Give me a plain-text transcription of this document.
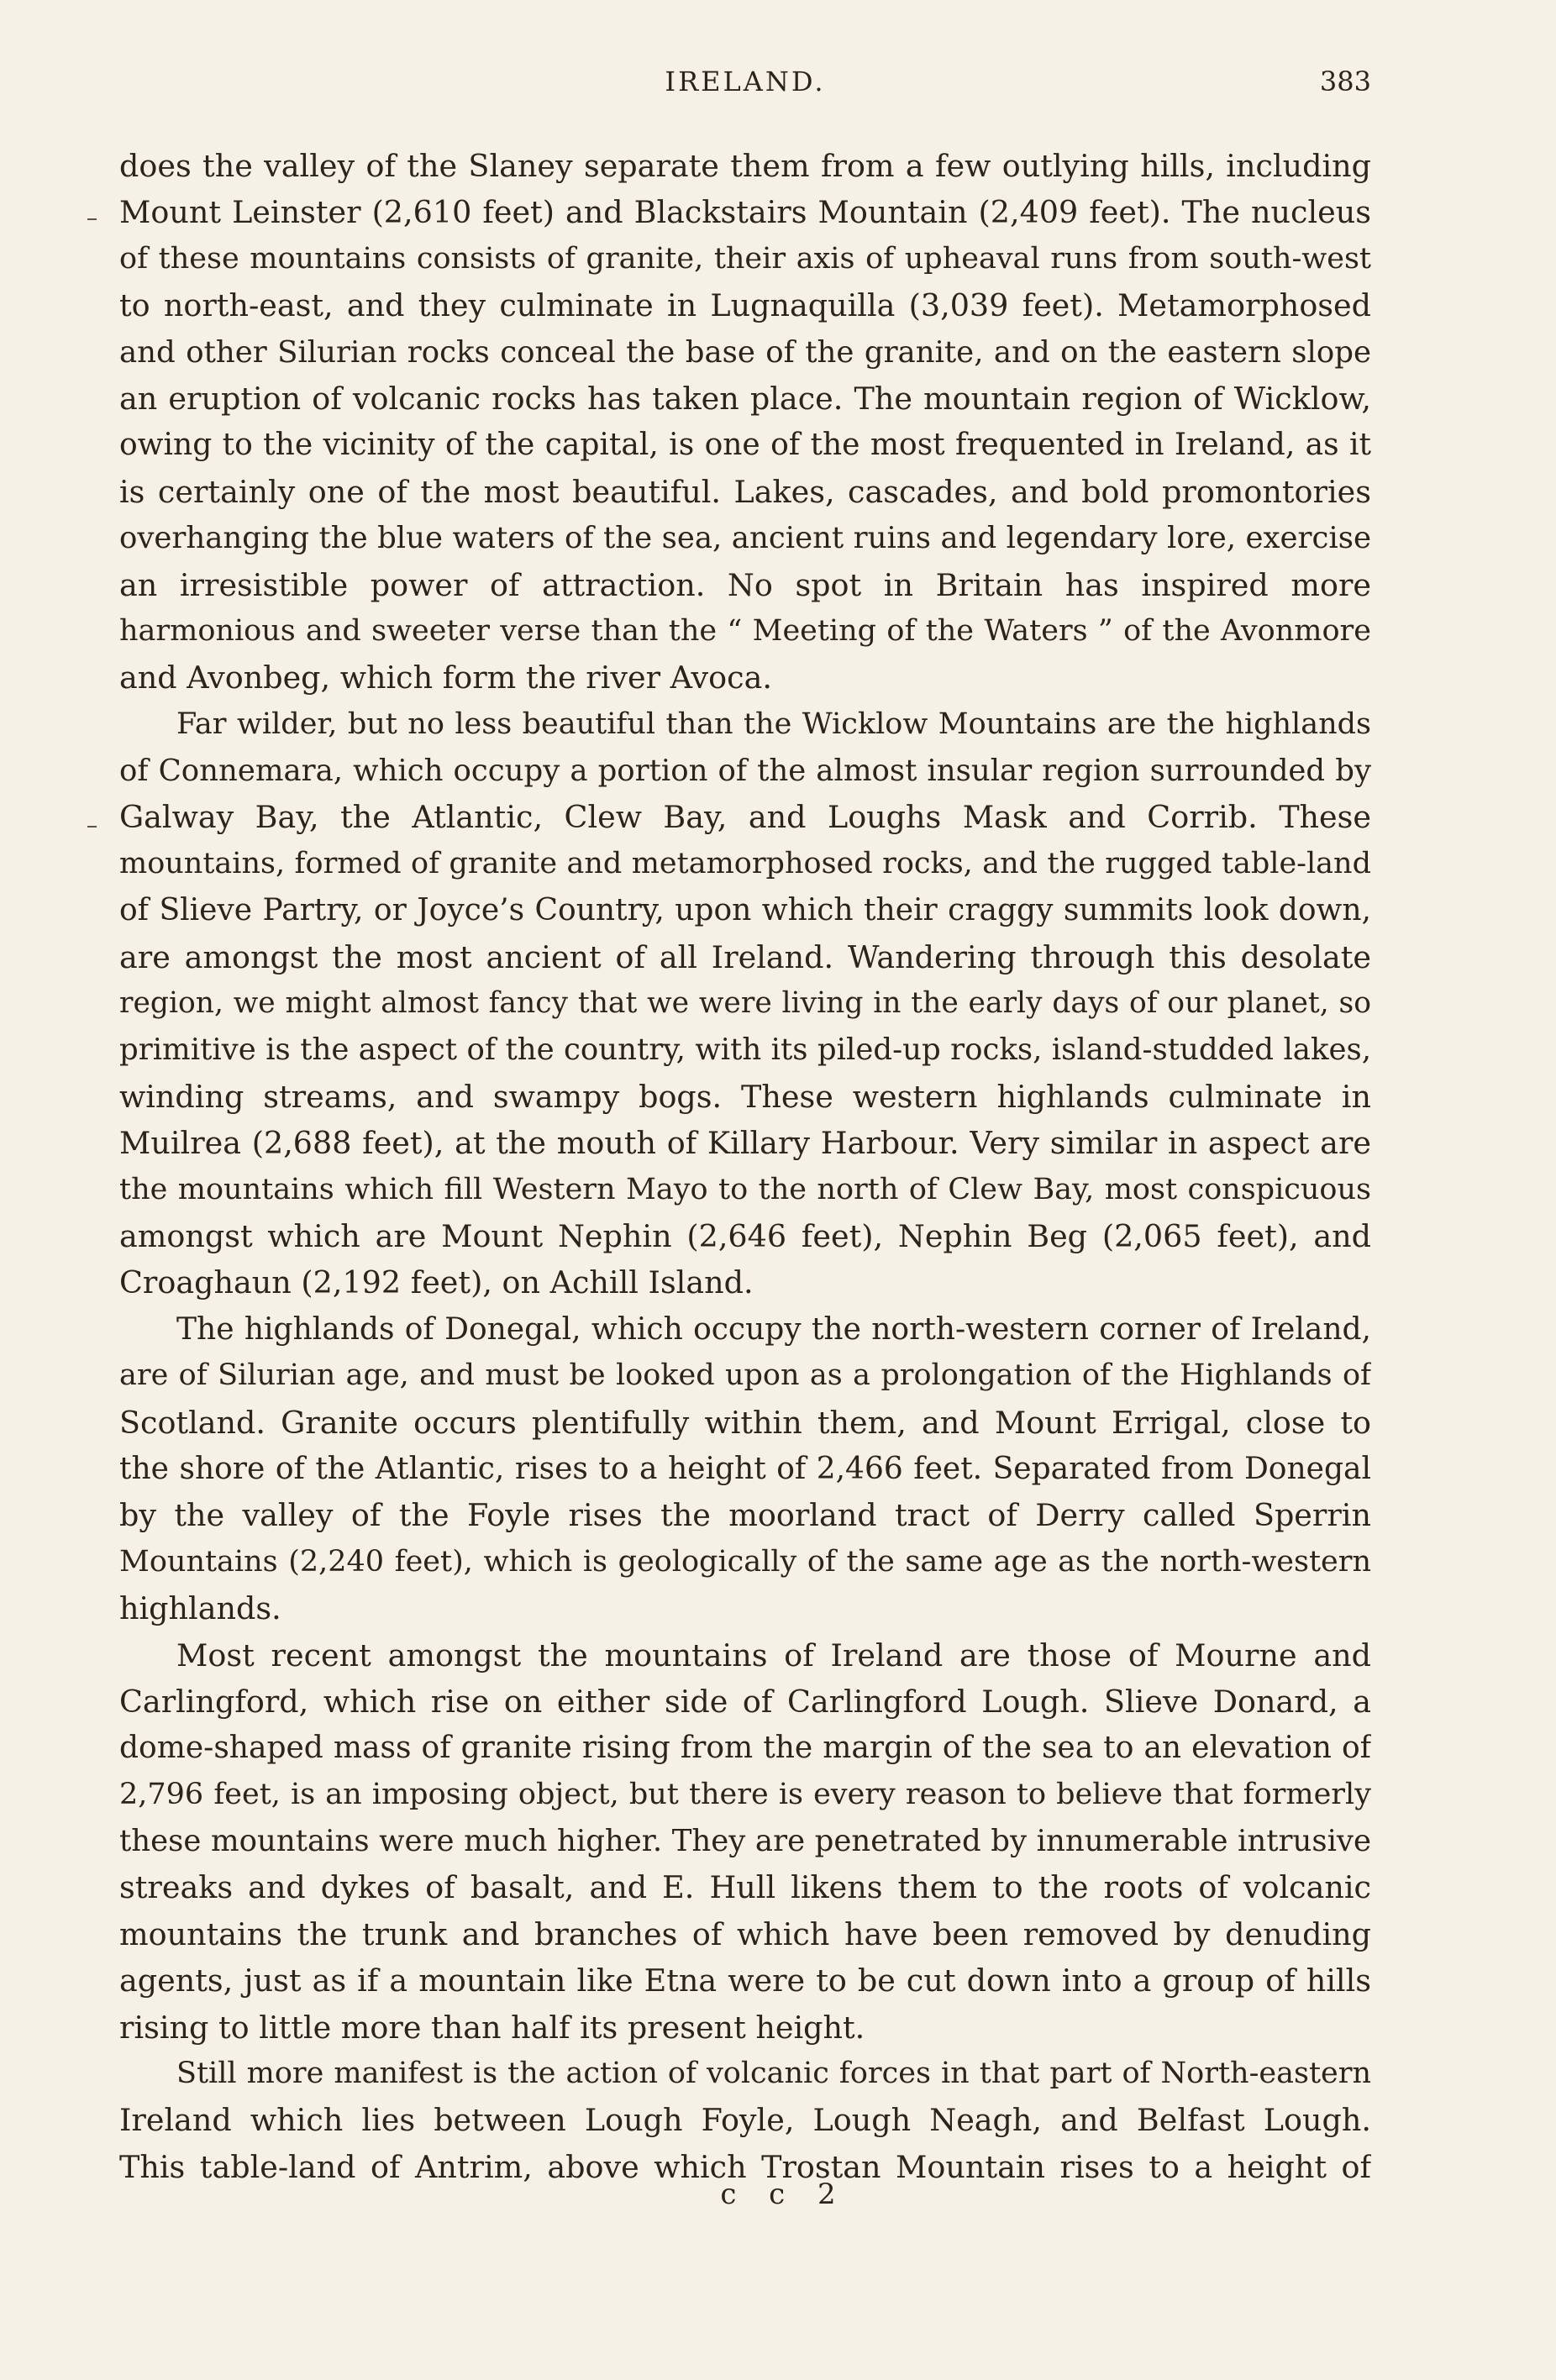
IRELAND.	383
does the valley of the Slaney separate them from a few outlying hills, including
Mount Leinster (2,610 feet) and Blackstairs Mountain (2,409 feet). The nucleus
of these mountains consists of granite, their axis of upheaval runs from south-west
to north-east, and they culminate in Lugnaquilla (3,039 feet). Metamorphosed
and other Silurian rocks conceal the base of the granite, and on the eastern slope
an eruption of volcanic rocks has taken place. The mountain region of Wicklow,
owing to the vicinity of the capital, is one of the most frequented in Ireland, as it
is certainly one of the most beautiful. Lakes, cascades, and bold promontories
overhanging the blue waters of the sea, ancient ruins and legendary lore, exercise
an irresistible power of attraction. No spot in Britain has inspired more
harmonious and sweeter verse than the “ Meeting of the Waters ” of the Avonmore
and Avonbeg, which form the river Avoca.
Far wilder, but no less beautiful than the Wicklow Mountains are the highlands
of Connemara, which occupy a portion of the almost insular region surrounded by
Galway Bay, the Atlantic, Clew Bay, and Loughs Mask and Corrib. These
mountains, formed of granite and metamorphosed rocks, and the rugged table-land
of Slieve Partry, or Joyce’s Country, upon which their craggy summits look down,
are amongst the most ancient of all Ireland. Wandering through this desolate
region, we might almost fancy that we were living in the early days of our planet, so
primitive is the aspect of the country, with its piled-up rocks, island-studded lakes,
winding streams, and swampy bogs. These western highlands culminate in
Muilrea (2,688 feet), at the mouth of Killary Harbour. Very similar in aspect are
the mountains which fill Western Mayo to the north of Clew Bay, most conspicuous
amongst which are Mount Nephin (2,646 feet), Nephin Beg (2,065 feet), and
Croaghaun (2,192 feet), on Achill Island.
The highlands of Donegal, which occupy the north-western corner of Ireland,
are of Silurian age, and must be looked upon as a prolongation of the Highlands of
Scotland. Granite occurs plentifully within them, and Mount Errigal, close to
the shore of the Atlantic, rises to a height of 2,466 feet. Separated from Donegal
by the valley of the Foyle rises the moorland tract of Derry called Sperrin
Mountains (2,240 feet), which is geologically of the same age as the north-western
highlands.
Most recent amongst the mountains of Ireland are those of Mourne and
Carlingford, which rise on either side of Carlingford Lough. Slieve Donard, a
dome-shaped mass of granite rising from the margin of the sea to an elevation of
2,796 feet, is an imposing object, but there is every reason to believe that formerly
these mountains were much higher. They are penetrated by innumerable intrusive
streaks and dykes of basalt, and E. Hull likens them to the roots of volcanic
mountains the trunk and branches of which have been removed by denuding
agents, just as if a mountain like Etna were to be cut down into a group of hills
rising to little more than half its present height.
Still more manifest is the action of volcanic forces in that part of North-eastern
Ireland which lies between Lough Foyle, Lough Neagh, and Belfast Lough.
This table-land of Antrim, above which Trostan Mountain rises to a height of
c c 2
